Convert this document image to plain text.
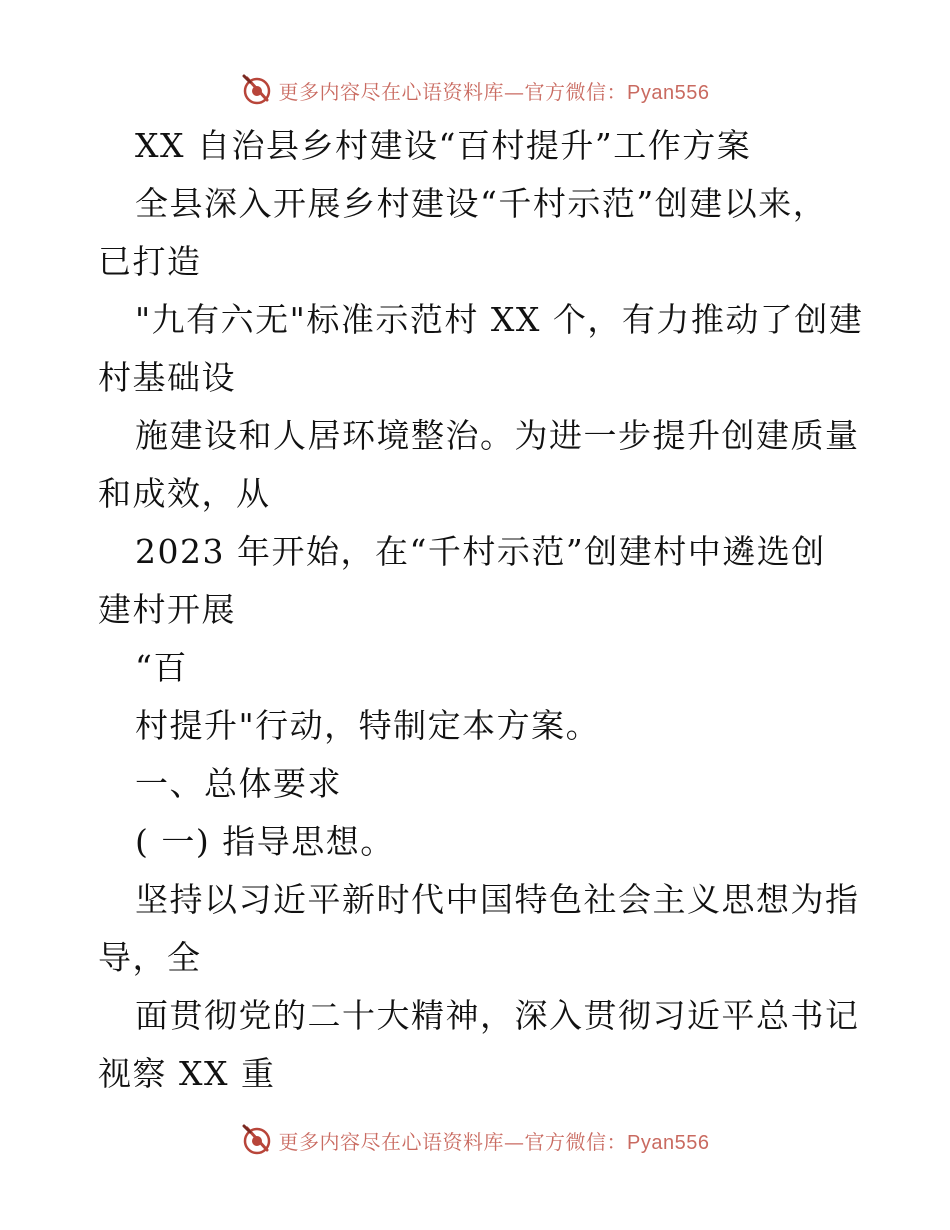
更多内容尽在心语资料库—官方微信：Pyan556
XX 自治县乡村建设“百村提升”工作方案
全县深入开展乡村建设“千村示范”创建以来，
已打造
"九有六无"标准示范村 XX 个，有力推动了创建
村基础设
施建设和人居环境整治。为进一步提升创建质量
和成效，从
2023 年开始，在“千村示范”创建村中遴选创
建村开展
“百
村提升"行动，特制定本方案。
一、总体要求
( 一) 指导思想。
坚持以习近平新时代中国特色社会主义思想为指
导，全
面贯彻党的二十大精神，深入贯彻习近平总书记
视察 XX 重
更多内容尽在心语资料库—官方微信：Pyan556
